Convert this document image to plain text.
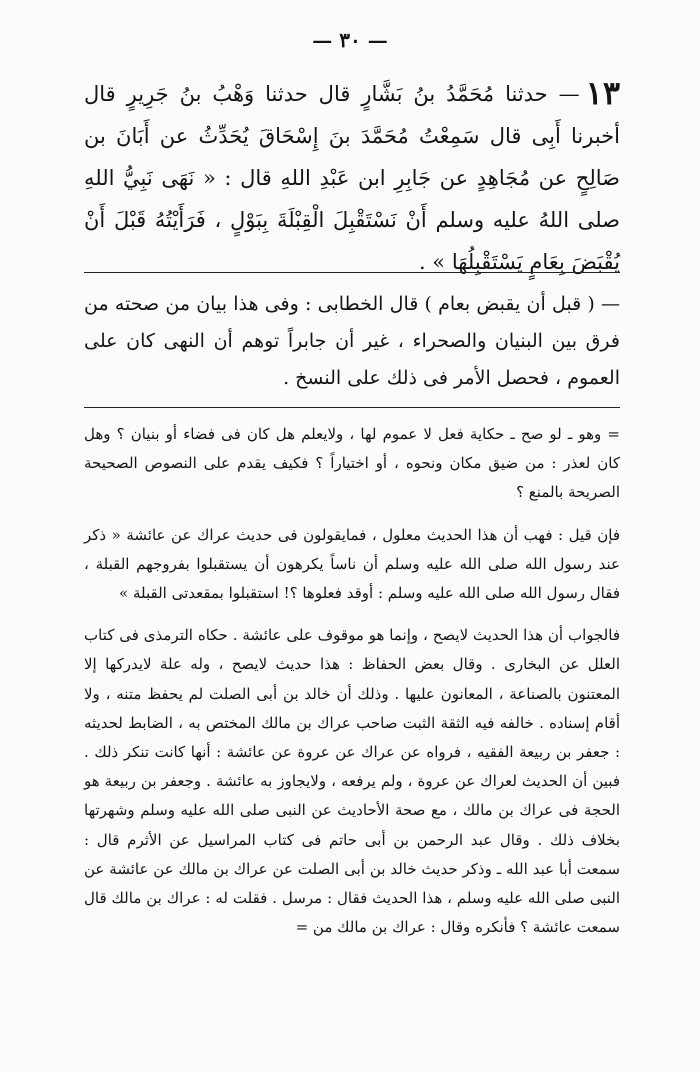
— ٣٠ —
١٣— حدثنا مُحَمَّدُ بنُ بَشَّارٍ قال حدثنا وَهْبُ بنُ جَرِيرٍ قال أخبرنا أَبِى قال سَمِعْتُ مُحَمَّدَ بنَ إِسْحَاقَ يُحَدِّثُ عن أَبَانَ بن صَالِحٍ عن مُجَاهِدٍ عن جَابِرِ ابن عَبْدِ اللهِ قال : « نَهَى نَبِيُّ اللهِ صلى اللهُ عليه وسلم أَنْ نَسْتَقْبِلَ الْقِبْلَةَ بِبَوْلٍ ، فَرَأَيْتُهُ قَبْلَ أَنْ يُقْبَضَ بِعَامٍ يَسْتَقْبِلُهَا » .
— ( قبل أن يقبض بعام ) قال الخطابى : وفى هذا بيان من صحته من فرق بين البنيان والصحراء ، غير أن جابراً توهم أن النهى كان على العموم ، فحصل الأمر فى ذلك على النسخ .

= وهو ـ لو صح ـ حكاية فعل لا عموم لها ، ولايعلم هل كان فى فضاء أو بنيان ؟ وهل كان لعذر : من ضيق مكان ونحوه ، أو اختياراً ؟ فكيف يقدم على النصوص الصحيحة الصريحة بالمنع ؟

فإن قيل : فهب أن هذا الحديث معلول ، فمايقولون فى حديث عراك عن عائشة « ذكر عند رسول الله صلى الله عليه وسلم أن ناساً يكرهون أن يستقبلوا بفروجهم القبلة ، فقال رسول الله صلى الله عليه وسلم : أوقد فعلوها ؟! استقبلوا بمقعدتى القبلة »

فالجواب أن هذا الحديث لايصح ، وإنما هو موقوف على عائشة . حكاه الترمذى فى كتاب العلل عن البخارى . وقال بعض الحفاظ : هذا حديث لايصح ، وله علة لايدركها إلا المعتنون بالصناعة ، المعانون عليها . وذلك أن خالد بن أبى الصلت لم يحفظ متنه ، ولا أقام إسناده . خالفه فيه الثقة الثبت صاحب عراك بن مالك المختص به ، الضابط لحديثه : جعفر بن ربيعة الفقيه ، فرواه عن عراك عن عروة عن عائشة : أنها كانت تنكر ذلك . فبين أن الحديث لعراك عن عروة ، ولم يرفعه ، ولايجاوز به عائشة . وجعفر بن ربيعة هو الحجة فى عراك بن مالك ، مع صحة الأحاديث عن النبى صلى الله عليه وسلم وشهرتها بخلاف ذلك . وقال عبد الرحمن بن أبى حاتم فى كتاب المراسيل عن الأثرم قال : سمعت أبا عبد الله ـ وذكر حديث خالد بن أبى الصلت عن عراك بن مالك عن عائشة عن النبى صلى الله عليه وسلم ، هذا الحديث فقال : مرسل . فقلت له : عراك بن مالك قال سمعت عائشة ؟ فأنكره وقال : عراك بن مالك من =
